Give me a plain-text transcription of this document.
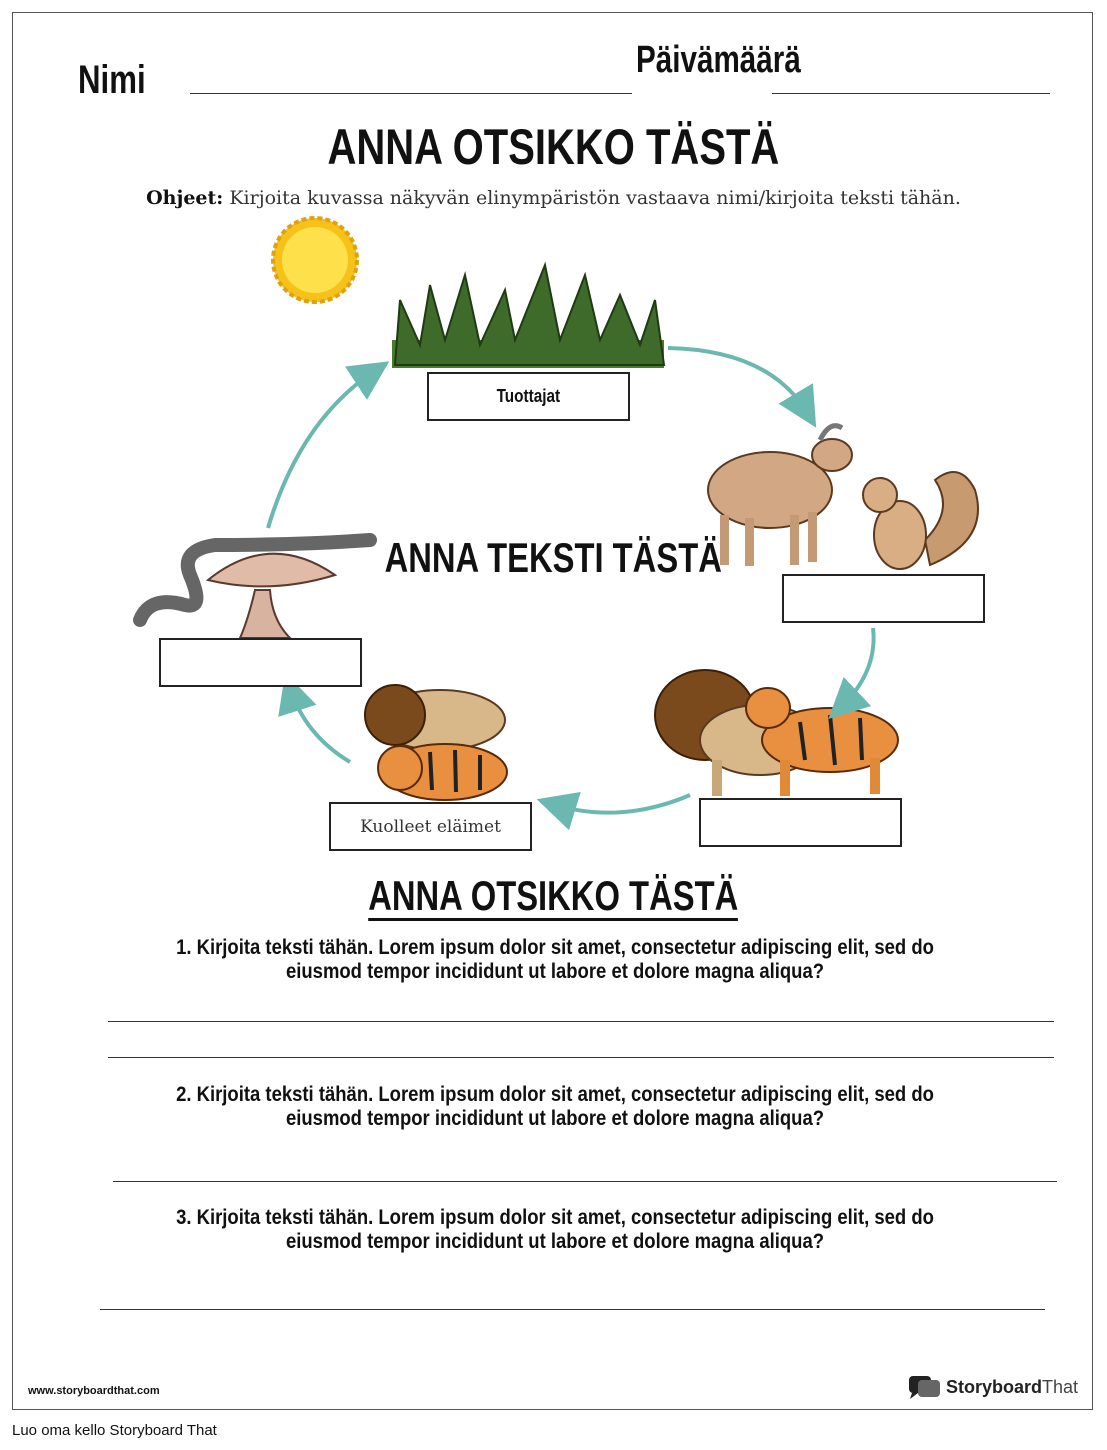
Nimi	Päivämäärä
ANNA OTSIKKO TÄSTÄ
Ohjeet: Kirjoita kuvassa näkyvän elinympäristön vastaava nimi/kirjoita teksti tähän.
Tuottajat
Kuolleet eläimet
ANNA TEKSTI TÄSTÄ
ANNA OTSIKKO TÄSTÄ
1. Kirjoita teksti tähän. Lorem ipsum dolor sit amet, consectetur adipiscing elit, sed do eiusmod tempor incididunt ut labore et dolore magna aliqua?
2. Kirjoita teksti tähän. Lorem ipsum dolor sit amet, consectetur adipiscing elit, sed do eiusmod tempor incididunt ut labore et dolore magna aliqua?
3. Kirjoita teksti tähän. Lorem ipsum dolor sit amet, consectetur adipiscing elit, sed do eiusmod tempor incididunt ut labore et dolore magna aliqua?
www.storyboardthat.com	Storyboard That
Luo oma kello Storyboard That
